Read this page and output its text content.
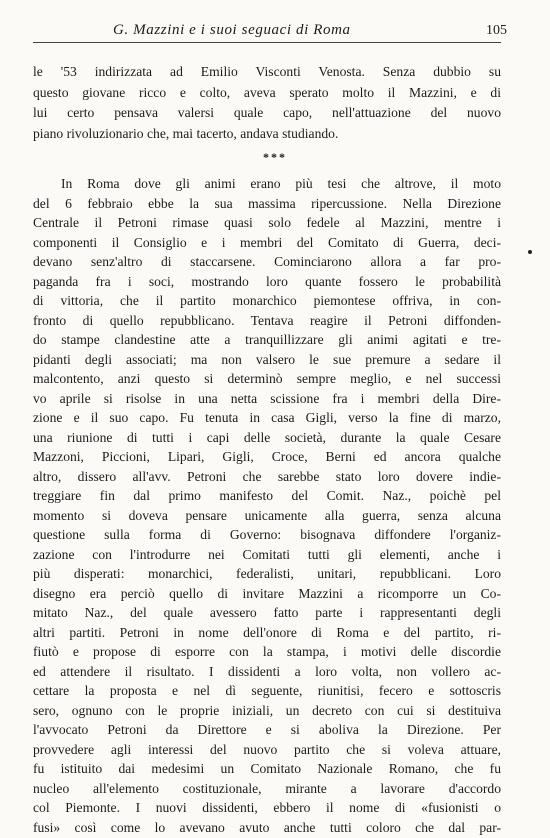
G. Mazzini e i suoi seguaci di Roma	105
le '53 indirizzata ad Emilio Visconti Venosta. Senza dubbio su
questo giovane ricco e colto, aveva sperato molto il Mazzini, e di
lui certo pensava valersi quale capo, nell'attuazione del nuovo
piano rivoluzionario che, mai tacerto, andava studiando.
***
In Roma dove gli animi erano più tesi che altrove, il moto
del 6 febbraio ebbe la sua massima ripercussione. Nella Direzione
Centrale il Petroni rimase quasi solo fedele al Mazzini, mentre i
componenti il Consiglio e i membri del Comitato di Guerra, deci-
devano senz'altro di staccarsene. Cominciarono allora a far pro-
paganda fra i soci, mostrando loro quante fossero le probabilità
di vittoria, che il partito monarchico piemontese offriva, in con-
fronto di quello repubblicano. Tentava reagire il Petroni diffonden-
do stampe clandestine atte a tranquillizzare gli animi agitati e tre-
pidanti degli associati; ma non valsero le sue premure a sedare il
malcontento, anzi questo si determinò sempre meglio, e nel successi
vo aprile si risolse in una netta scissione fra i membri della Dire-
zione e il suo capo. Fu tenuta in casa Gigli, verso la fine di marzo,
una riunione di tutti i capi delle società, durante la quale Cesare
Mazzoni, Piccioni, Lipari, Gigli, Croce, Berni ed ancora qualche
altro, dissero all'avv. Petroni che sarebbe stato loro dovere indie-
treggiare fin dal primo manifesto del Comit. Naz., poichè pel
momento si doveva pensare unicamente alla guerra, senza alcuna
questione sulla forma di Governo: bisognava diffondere l'organiz-
zazione con l'introdurre nei Comitati tutti gli elementi, anche i
più disperati: monarchici, federalisti, unitari, repubblicani. Loro
disegno era perciò quello di invitare Mazzini a ricomporre un Co-
mitato Naz., del quale avessero fatto parte i rappresentanti degli
altri partiti. Petroni in nome dell'onore di Roma e del partito, ri-
fiutò e propose di esporre con la stampa, i motivi delle discordie
ed attendere il risultato. I dissidenti a loro volta, non vollero ac-
cettare la proposta e nel dì seguente, riunitisi, fecero e sottoscris
sero, ognuno con le proprie iniziali, un decreto con cui si destituiva
l'avvocato Petroni da Direttore e si aboliva la Direzione. Per
provvedere agli interessi del nuovo partito che si voleva attuare,
fu istituito dai medesimi un Comitato Nazionale Romano, che fu
nucleo all'elemento costituzionale, mirante a lavorare d'accordo
col Piemonte. I nuovi dissidenti, ebbero il nome di «fusionisti o
fusi» così come lo avevano avuto anche tutti coloro che dal par-
